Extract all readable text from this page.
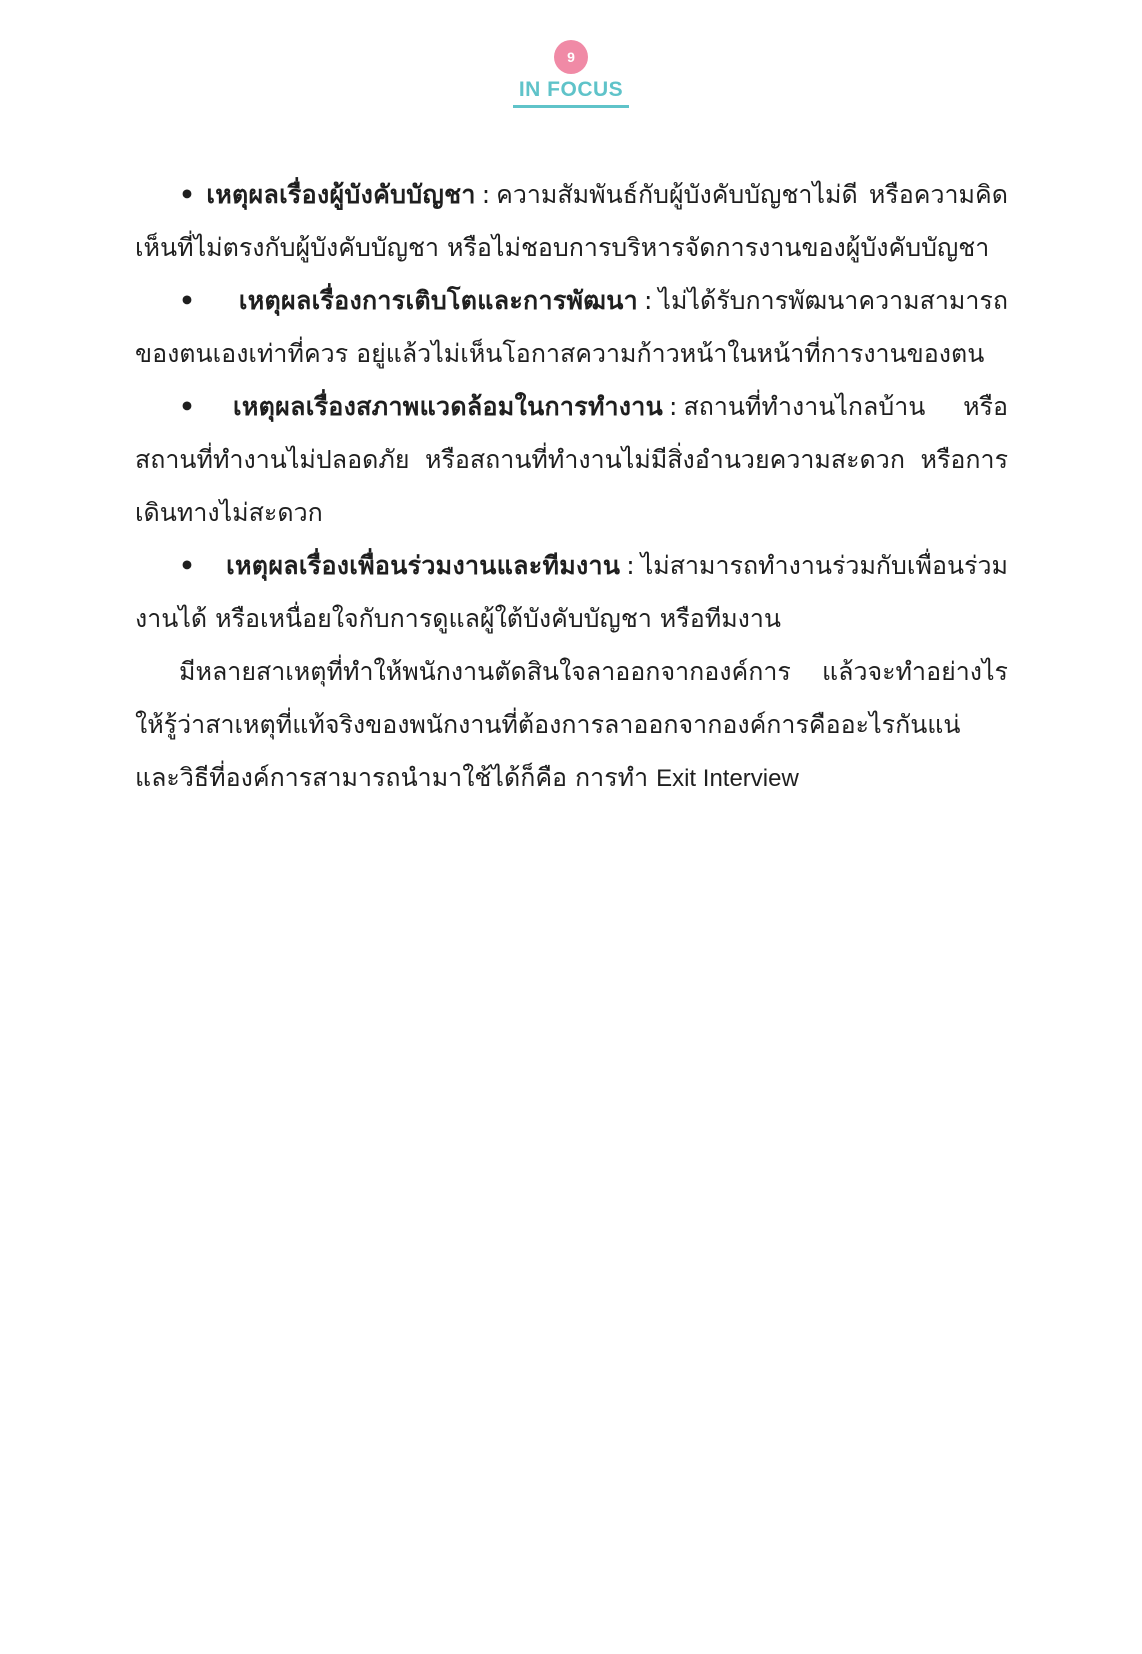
9
IN FOCUS

• เหตุผลเรื่องผู้บังคับบัญชา : ความสัมพันธ์กับผู้บังคับบัญชาไม่ดี หรือความคิดเห็นที่ไม่ตรงกับผู้บังคับบัญชา หรือไม่ชอบการบริหารจัดการงานของผู้บังคับบัญชา

• เหตุผลเรื่องการเติบโตและการพัฒนา : ไม่ได้รับการพัฒนาความสามารถของตนเองเท่าที่ควร อยู่แล้วไม่เห็นโอกาสความก้าวหน้าในหน้าที่การงานของตน

• เหตุผลเรื่องสภาพแวดล้อมในการทำงาน : สถานที่ทำงานไกลบ้าน หรือสถานที่ทำงานไม่ปลอดภัย หรือสถานที่ทำงานไม่มีสิ่งอำนวยความสะดวก หรือการเดินทางไม่สะดวก

• เหตุผลเรื่องเพื่อนร่วมงานและทีมงาน : ไม่สามารถทำงานร่วมกับเพื่อนร่วมงานได้ หรือเหนื่อยใจกับการดูแลผู้ใต้บังคับบัญชา หรือทีมงาน

มีหลายสาเหตุที่ทำให้พนักงานตัดสินใจลาออกจากองค์การ แล้วจะทำอย่างไรให้รู้ว่าสาเหตุที่แท้จริงของพนักงานที่ต้องการลาออกจากองค์การคืออะไรกันแน่ และวิธีที่องค์การสามารถนำมาใช้ได้ก็คือ การทำ Exit Interview
